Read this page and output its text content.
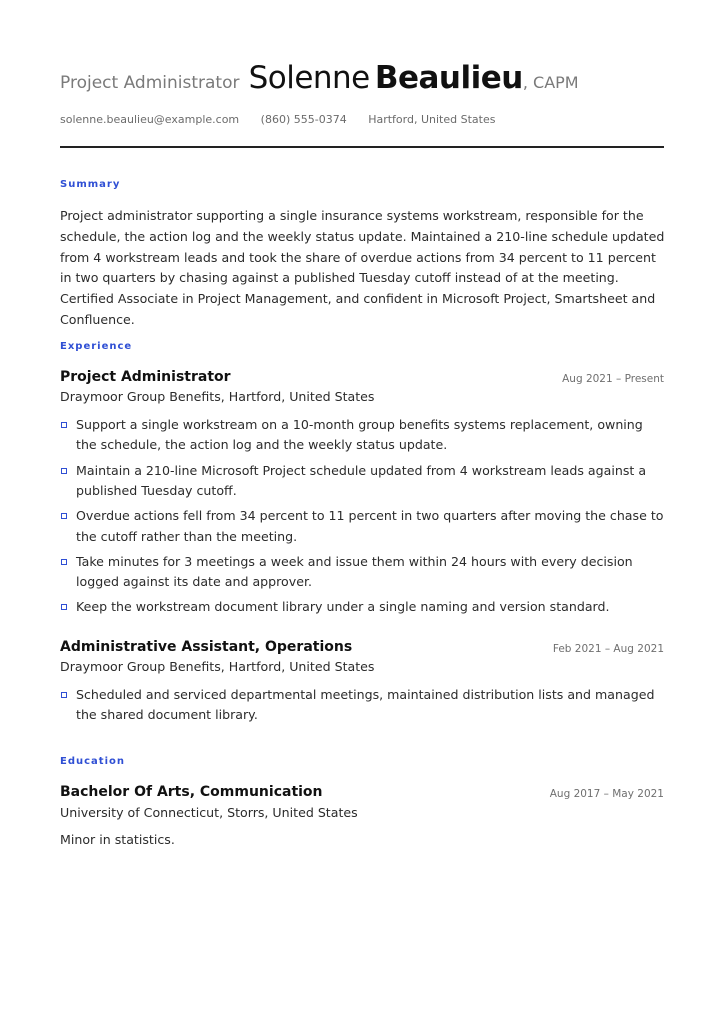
Project Administrator Solenne Beaulieu, CAPM
solenne.beaulieu@example.com (860) 555-0374 Hartford, United States
Summary
Project administrator supporting a single insurance systems workstream, responsible for the schedule, the action log and the weekly status update. Maintained a 210-line schedule updated from 4 workstream leads and took the share of overdue actions from 34 percent to 11 percent in two quarters by chasing against a published Tuesday cutoff instead of at the meeting. Certified Associate in Project Management, and confident in Microsoft Project, Smartsheet and Confluence.
Experience
Project Administrator	Aug 2021 – Present
Draymoor Group Benefits, Hartford, United States
Support a single workstream on a 10-month group benefits systems replacement, owning the schedule, the action log and the weekly status update.
Maintain a 210-line Microsoft Project schedule updated from 4 workstream leads against a published Tuesday cutoff.
Overdue actions fell from 34 percent to 11 percent in two quarters after moving the chase to the cutoff rather than the meeting.
Take minutes for 3 meetings a week and issue them within 24 hours with every decision logged against its date and approver.
Keep the workstream document library under a single naming and version standard.
Administrative Assistant, Operations	Feb 2021 – Aug 2021
Draymoor Group Benefits, Hartford, United States
Scheduled and serviced departmental meetings, maintained distribution lists and managed the shared document library.
Education
Bachelor Of Arts, Communication	Aug 2017 – May 2021
University of Connecticut, Storrs, United States
Minor in statistics.
